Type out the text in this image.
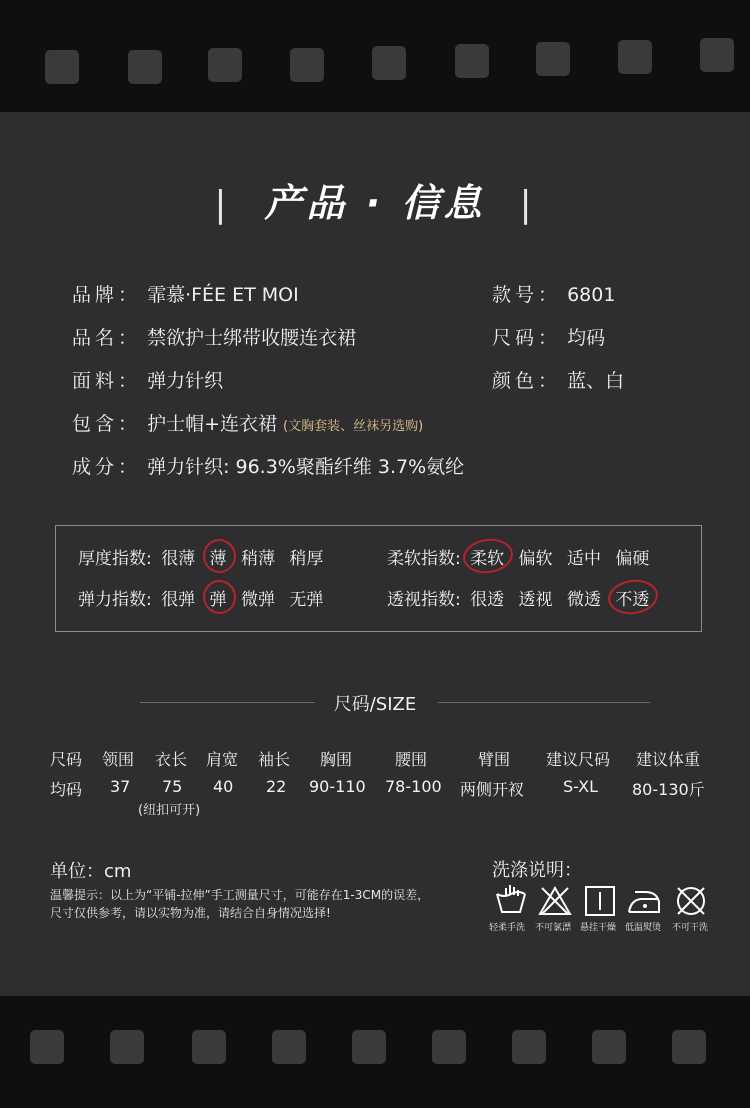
| 产品 · 信息 |
品牌： 霏慕·FÉE ET MOI	款号： 6801
品名： 禁欲护士绑带收腰连衣裙	尺码： 均码
面料： 弹力针织	颜色： 蓝、白
包含： 护士帽+连衣裙 (文胸套装、丝袜另选购)
成分： 弹力针织: 96.3%聚酯纤维 3.7%氨纶
厚度指数: 很薄 薄 稍薄 稍厚	柔软指数: 柔软 偏软 适中 偏硬
弹力指数: 很弹 弹 微弹 无弹	透视指数: 很透 透视 微透 不透
尺码/SIZE
尺码 领围 衣长 肩宽 袖长 胸围	腰围	臂围 建议尺码 建议体重
均码 37 75 40 22 90-110 78-100 两侧开衩 S-XL 80-130斤
(纽扣可开)
单位：cm
温馨提示：以上为“平铺-拉伸”手工测量尺寸，可能存在1-3CM的误差，
尺寸仅供参考，请以实物为准，请结合自身情况选择!
洗涤说明：
轻柔手洗 不可氯漂 悬挂干燥 低温熨烫 不可干洗
